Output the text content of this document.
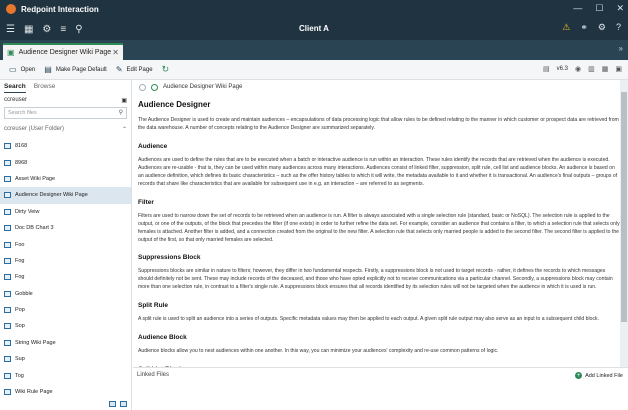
Redpoint Interaction	— ☐ ✕
☰ ▦ ⚙ ≡ ⚲	Client A	⚠ ⚭ ⚙ ?
▣ Audience Designer Wiki Page ✕	»
▭ Open ▤ Make Page Default ✎ Edit Page ↻	▤ v6.3 ◉ ▥ ▦ ▣
Search Browse
ccreuser	▣
Search files	⚲
ccreuser (User Folder)	⌃
8168
8968
Asset Wiki Page
Audience Designer Wiki Page
Dirty Veiw
Doc DB Chart 3
Foo
Fog
Fog
Gobble
Pop
Sop
String Wiki Page
Sup
Tog
Wiki Rule Page
Audience Designer Wiki Page
Audience Designer

The Audience Designer is used to create and maintain audiences – encapsulations of data processing logic that allow rules to be defined relating to the manner in which customer or prospect data are retrieved from the data warehouse. A number of concepts relating to the Audience Designer are summarized separately.

Audience

Audiences are used to define the rules that are to be executed when a batch or interactive audience is run within an interaction. These rules identify the records that are retrieved when the audience is executed. Audiences are re-usable - that is, they can be used within many audiences across many interactions. Audiences consist of linked filter, suppression, split rule, cell list and audience blocks. An audience is based on an audience definition, which defines its basic characteristics – such as the offer history tables to which it will write, the metadata available to it and whether it is transactional. An audience's final outputs – groups of records that share like characteristics that are available for subsequent use in e.g. an interaction – are referred to as segments.

Filter

Filters are used to narrow down the set of records to be retrieved when an audience is run. A filter is always associated with a single selection rule (standard, basic or NoSQL). The selection rule is applied to the output, or one of the outputs, of the block that precedes the filter (if one exists) in order to further refine the data set. For example, consider an audience that contains a filter, to which a selection rule that selects only females is attached. Another filter is added, and a connection created from the original to the new filter. A selection rule that selects only married people is added to the second filter. The second filter is applied to the output of the first, so that only married females are selected.

Suppressions Block

Suppressions blocks are similar in nature to filters; however, they differ in two fundamental respects. Firstly, a suppressions block is not used to target records - rather, it defines the records to which messages should definitely not be sent. These may include records of the deceased, and those who have opted explicitly not to receive communications via a particular channel. Secondly, a suppressions block may contain more than one selection rule, in contrast to a filter's single rule. A suppressions block ensures that all records identified by its selection rules will not be targeted when the audience in which it is used is run.

Split Rule

A split rule is used to split an audience into a series of outputs. Specific metadata values may then be applied to each output. A given split rule output may also serve as an input to a subsequent child block.

Audience Block

Audience blocks allow you to nest audiences within one another. In this way, you can minimize your audiences' complexity and re-use common patterns of logic.

Linked Files	+ Add Linked File
